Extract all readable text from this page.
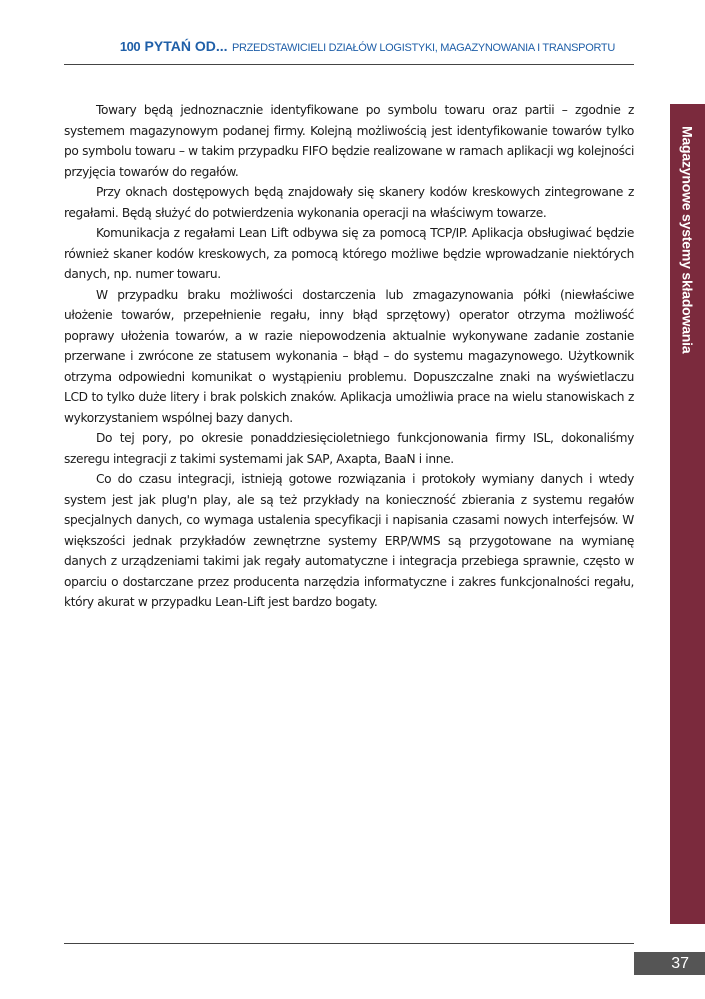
100 PYTAŃ OD... PRZEDSTAWICIELI DZIAŁÓW LOGISTYKI, MAGAZYNOWANIA I TRANSPORTU
Magazynowe systemy składowania

Towary będą jednoznacznie identyfikowane po symbolu towaru oraz partii – zgodnie z systemem magazynowym podanej firmy. Kolejną możliwością jest identyfikowanie towarów tylko po symbolu towaru – w takim przypadku FIFO będzie realizowane w ramach aplikacji wg kolejności przyjęcia towarów do regałów.

Przy oknach dostępowych będą znajdowały się skanery kodów kreskowych zintegrowane z regałami. Będą służyć do potwierdzenia wykonania operacji na właściwym towarze.

Komunikacja z regałami Lean Lift odbywa się za pomocą TCP/IP. Aplikacja obsługiwać będzie również skaner kodów kreskowych, za pomocą którego możliwe będzie wprowadzanie niektórych danych, np. numer towaru.

W przypadku braku możliwości dostarczenia lub zmagazynowania półki (niewłaściwe ułożenie towarów, przepełnienie regału, inny błąd sprzętowy) operator otrzyma możliwość poprawy ułożenia towarów, a w razie niepowodzenia aktualnie wykonywane zadanie zostanie przerwane i zwrócone ze statusem wykonania – błąd – do systemu magazynowego. Użytkownik otrzyma odpowiedni komunikat o wystąpieniu problemu. Dopuszczalne znaki na wyświetlaczu LCD to tylko duże litery i brak polskich znaków. Aplikacja umożliwia prace na wielu stanowiskach z wykorzystaniem wspólnej bazy danych.

Do tej pory, po okresie ponaddziesięcioletniego funkcjonowania firmy ISL, dokonaliśmy szeregu integracji z takimi systemami jak SAP, Axapta, BaaN i inne.

Co do czasu integracji, istnieją gotowe rozwiązania i protokoły wymiany danych i wtedy system jest jak plug'n play, ale są też przykłady na konieczność zbierania z systemu regałów specjalnych danych, co wymaga ustalenia specyfikacji i napisania czasami nowych interfejsów. W większości jednak przykładów zewnętrzne systemy ERP/WMS są przygotowane na wymianę danych z urządzeniami takimi jak regały automatyczne i integracja przebiega sprawnie, często w oparciu o dostarczane przez producenta narzędzia informatyczne i zakres funkcjonalności regału, który akurat w przypadku Lean-Lift jest bardzo bogaty.

37
